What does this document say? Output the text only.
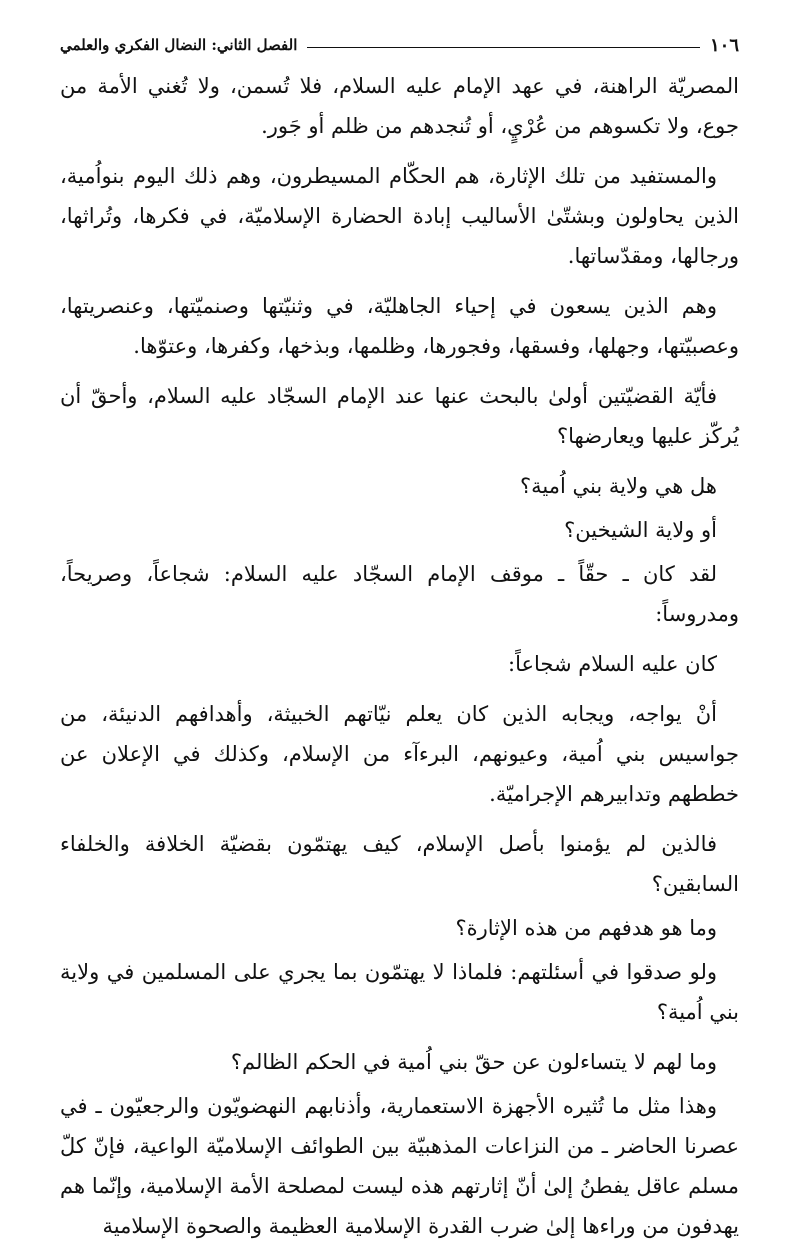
١٠٦
الفصل الثاني: النضال الفكري والعلمي

المصريّة الراهنة، في عهد الإمام عليه السلام، فلا تُسمن، ولا تُغني الأمة من جوع، ولا تكسوهم من عُرْيٍ، أو تُنجدهم من ظلم أو جَور.

والمستفيد من تلك الإثارة، هم الحكّام المسيطرون، وهم ذلك اليوم بنواُمية، الذين يحاولون وبشتّىٰ الأساليب إبادة الحضارة الإسلاميّة، في فكرها، وتُراثها، ورجالها، ومقدّساتها.

وهم الذين يسعون في إحياء الجاهليّة، في وثنيّتها وصنميّتها، وعنصريتها، وعصبيّتها، وجهلها، وفسقها، وفجورها، وظلمها، وبذخها، وكفرها، وعتوّها.

فأيّة القضيّتين أولىٰ بالبحث عنها عند الإمام السجّاد عليه السلام، وأحقّ أن يُركّز عليها ويعارضها؟

هل هي ولاية بني اُمية؟

أو ولاية الشيخين؟

لقد كان ـ حقّاً ـ موقف الإمام السجّاد عليه السلام: شجاعاً، وصريحاً، ومدروساً:

كان عليه السلام شجاعاً:

أنْ يواجه، ويجابه الذين كان يعلم نيّاتهم الخبيثة، وأهدافهم الدنيئة، من جواسيس بني اُمية، وعيونهم، البرءآء من الإسلام، وكذلك في الإعلان عن خططهم وتدابيرهم الإجراميّة.

فالذين لم يؤمنوا بأصل الإسلام، كيف يهتمّون بقضيّة الخلافة والخلفاء السابقين؟

وما هو هدفهم من هذه الإثارة؟

ولو صدقوا في أسئلتهم: فلماذا لا يهتمّون بما يجري على المسلمين في ولاية بني اُمية؟

وما لهم لا يتساءلون عن حقّ بني اُمية في الحكم الظالم؟

وهذا مثل ما تُثيره الأجهزة الاستعمارية، وأذنابهم النهضويّون والرجعيّون ـ في عصرنا الحاضر ـ من النزاعات المذهبيّة بين الطوائف الإسلاميّة الواعية، فإنّ كلّ مسلم عاقل يفطنُ إلىٰ أنّ إثارتهم هذه ليست لمصلحة الأمة الإسلامية، وإنّما هم يهدفون من وراءها إلىٰ ضرب القدرة الإسلامية العظيمة والصحوة الإسلامية
